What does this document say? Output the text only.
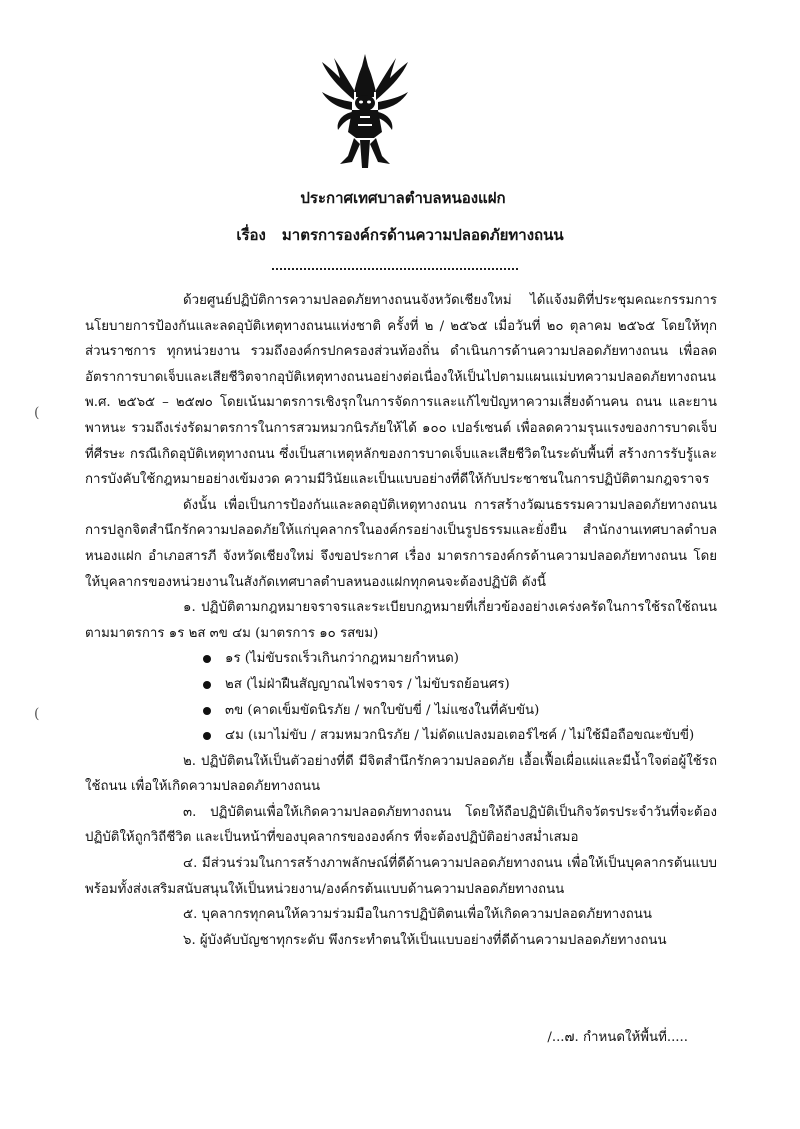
ประกาศเทศบาลตำบลหนองแฝก
เรื่อง มาตรการองค์กรด้านความปลอดภัยทางถนน
(
(

ด้วยศูนย์ปฏิบัติการความปลอดภัยทางถนนจังหวัดเชียงใหม่ ได้แจ้งมติที่ประชุมคณะกรรมการนโยบายการป้องกันและลดอุบัติเหตุทางถนนแห่งชาติ ครั้งที่ ๒ / ๒๕๖๕ เมื่อวันที่ ๒๐ ตุลาคม ๒๕๖๕ โดยให้ทุกส่วนราชการ ทุกหน่วยงาน รวมถึงองค์กรปกครองส่วนท้องถิ่น ดำเนินการด้านความปลอดภัยทางถนน เพื่อลดอัตราการบาดเจ็บและเสียชีวิตจากอุบัติเหตุทางถนนอย่างต่อเนื่องให้เป็นไปตามแผนแม่บทความปลอดภัยทางถนน พ.ศ. ๒๕๖๕ – ๒๕๗๐ โดยเน้นมาตรการเชิงรุกในการจัดการและแก้ไขปัญหาความเสี่ยงด้านคน ถนน และยานพาหนะ รวมถึงเร่งรัดมาตรการในการสวมหมวกนิรภัยให้ได้ ๑๐๐ เปอร์เซนต์ เพื่อลดความรุนแรงของการบาดเจ็บที่ศีรษะ กรณีเกิดอุบัติเหตุทางถนน ซึ่งเป็นสาเหตุหลักของการบาดเจ็บและเสียชีวิตในระดับพื้นที่ สร้างการรับรู้และการบังคับใช้กฎหมายอย่างเข้มงวด ความมีวินัยและเป็นแบบอย่างที่ดีให้กับประชาชนในการปฏิบัติตามกฎจราจร

ดังนั้น เพื่อเป็นการป้องกันและลดอุบัติเหตุทางถนน การสร้างวัฒนธรรมความปลอดภัยทางถนน การปลูกจิตสำนึกรักความปลอดภัยให้แก่บุคลากรในองค์กรอย่างเป็นรูปธรรมและยั่งยืน สำนักงานเทศบาลตำบลหนองแฝก อำเภอสารภี จังหวัดเชียงใหม่ จึงขอประกาศ เรื่อง มาตรการองค์กรด้านความปลอดภัยทางถนน โดยให้บุคลากรของหน่วยงานในสังกัดเทศบาลตำบลหนองแฝกทุกคนจะต้องปฏิบัติ ดังนี้

๑. ปฏิบัติตามกฎหมายจราจรและระเบียบกฎหมายที่เกี่ยวข้องอย่างเคร่งครัดในการใช้รถใช้ถนนตามมาตรการ ๑ร ๒ส ๓ข ๔ม (มาตรการ ๑๐ รสขม)

๑ร (ไม่ขับรถเร็วเกินกว่ากฎหมายกำหนด)
๒ส (ไม่ฝ่าฝืนสัญญาณไฟจราจร / ไม่ขับรถย้อนศร)
๓ข (คาดเข็มขัดนิรภัย / พกใบขับขี่ / ไม่แซงในที่คับขัน)
๔ม (เมาไม่ขับ / สวมหมวกนิรภัย / ไม่ดัดแปลงมอเตอร์ไซค์ / ไม่ใช้มือถือขณะขับขี่)

๒. ปฏิบัติตนให้เป็นตัวอย่างที่ดี มีจิตสำนึกรักความปลอดภัย เอื้อเฟื้อเผื่อแผ่และมีน้ำใจต่อผู้ใช้รถใช้ถนน เพื่อให้เกิดความปลอดภัยทางถนน

๓. ปฏิบัติตนเพื่อให้เกิดความปลอดภัยทางถนน โดยให้ถือปฏิบัติเป็นกิจวัตรประจำวันที่จะต้องปฏิบัติให้ถูกวิถีชีวิต และเป็นหน้าที่ของบุคลากรขององค์กร ที่จะต้องปฏิบัติอย่างสม่ำเสมอ

๔. มีส่วนร่วมในการสร้างภาพลักษณ์ที่ดีด้านความปลอดภัยทางถนน เพื่อให้เป็นบุคลากรต้นแบบ พร้อมทั้งส่งเสริมสนับสนุนให้เป็นหน่วยงาน/องค์กรต้นแบบด้านความปลอดภัยทางถนน

๕. บุคลากรทุกคนให้ความร่วมมือในการปฏิบัติตนเพื่อให้เกิดความปลอดภัยทางถนน

๖. ผู้บังคับบัญชาทุกระดับ พึงกระทำตนให้เป็นแบบอย่างที่ดีด้านความปลอดภัยทางถนน

/...๗. กำหนดให้พื้นที่.....
